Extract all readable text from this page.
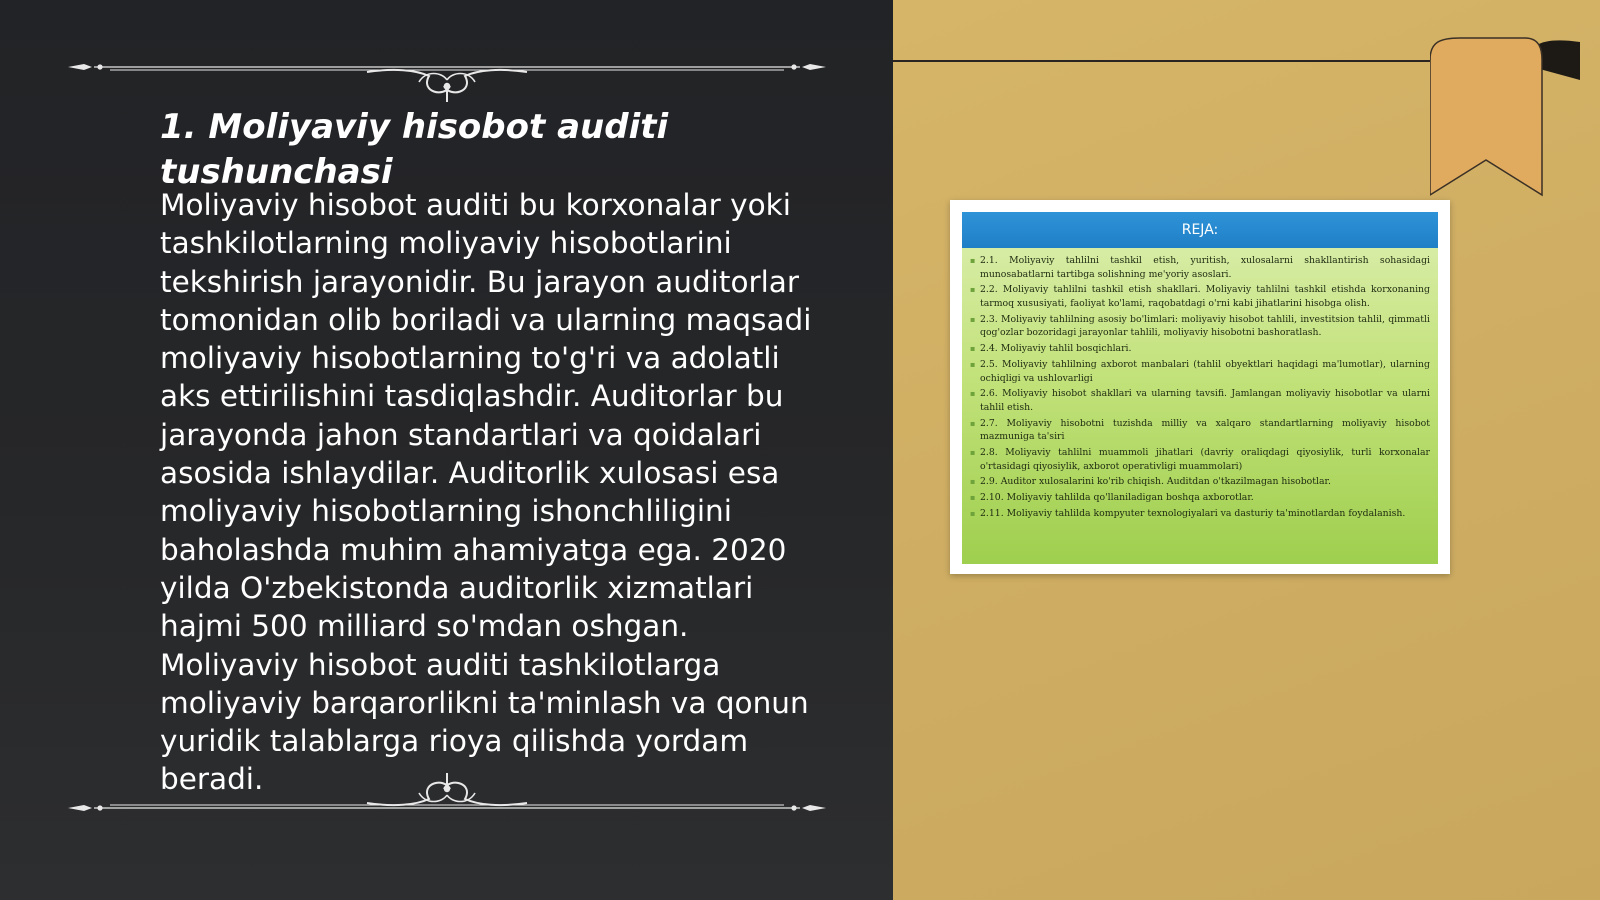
1. Moliyaviy hisobot auditi tushunchasi

Moliyaviy hisobot auditi bu korxonalar yoki tashkilotlarning moliyaviy hisobotlarini tekshirish jarayonidir. Bu jarayon auditorlar tomonidan olib boriladi va ularning maqsadi moliyaviy hisobotlarning to'g'ri va adolatli aks ettirilishini tasdiqlashdir. Auditorlar bu jarayonda jahon standartlari va qoidalari asosida ishlaydilar. Auditorlik xulosasi esa moliyaviy hisobotlarning ishonchliligini baholashda muhim ahamiyatga ega. 2020 yilda O'zbekistonda auditorlik xizmatlari hajmi 500 milliard so'mdan oshgan. Moliyaviy hisobot auditi tashkilotlarga moliyaviy barqarorlikni ta'minlash va qonun yuridik talablarga rioya qilishda yordam beradi.

REJA:
▪ 2.1. Moliyaviy tahlilni tashkil etish, yuritish, xulosalarni shakllantirish sohasidagi munosabatlarni tartibga solishning me'yoriy asoslari.
▪ 2.2. Moliyaviy tahlilni tashkil etish shakllari. Moliyaviy tahlilni tashkil etishda korxonaning tarmoq xususiyati, faoliyat ko'lami, raqobatdagi o'rni kabi jihatlarini hisobga olish.
▪ 2.3. Moliyaviy tahlilning asosiy bo'limlari: moliyaviy hisobot tahlili, investitsion tahlil, qimmatli qog'ozlar bozoridagi jarayonlar tahlili, moliyaviy hisobotni bashoratlash.
▪ 2.4. Moliyaviy tahlil bosqichlari.
▪ 2.5. Moliyaviy tahlilning axborot manbalari (tahlil obyektlari haqidagi ma'lumotlar), ularning ochiqligi va ushlovarligi
▪ 2.6. Moliyaviy hisobot shakllari va ularning tavsifi. Jamlangan moliyaviy hisobotlar va ularni tahlil etish.
▪ 2.7. Moliyaviy hisobotni tuzishda milliy va xalqaro standartlarning moliyaviy hisobot mazmuniga ta'siri
▪ 2.8. Moliyaviy tahlilni muammoli jihatlari (davriy oraliqdagi qiyosiylik, turli korxonalar o'rtasidagi qiyosiylik, axborot operativligi muammolari)
▪ 2.9. Auditor xulosalarini ko'rib chiqish. Auditdan o'tkazilmagan hisobotlar.
▪ 2.10. Moliyaviy tahlilda qo'llaniladigan boshqa axborotlar.
▪ 2.11. Moliyaviy tahlilda kompyuter texnologiyalari va dasturiy ta'minotlardan foydalanish.
